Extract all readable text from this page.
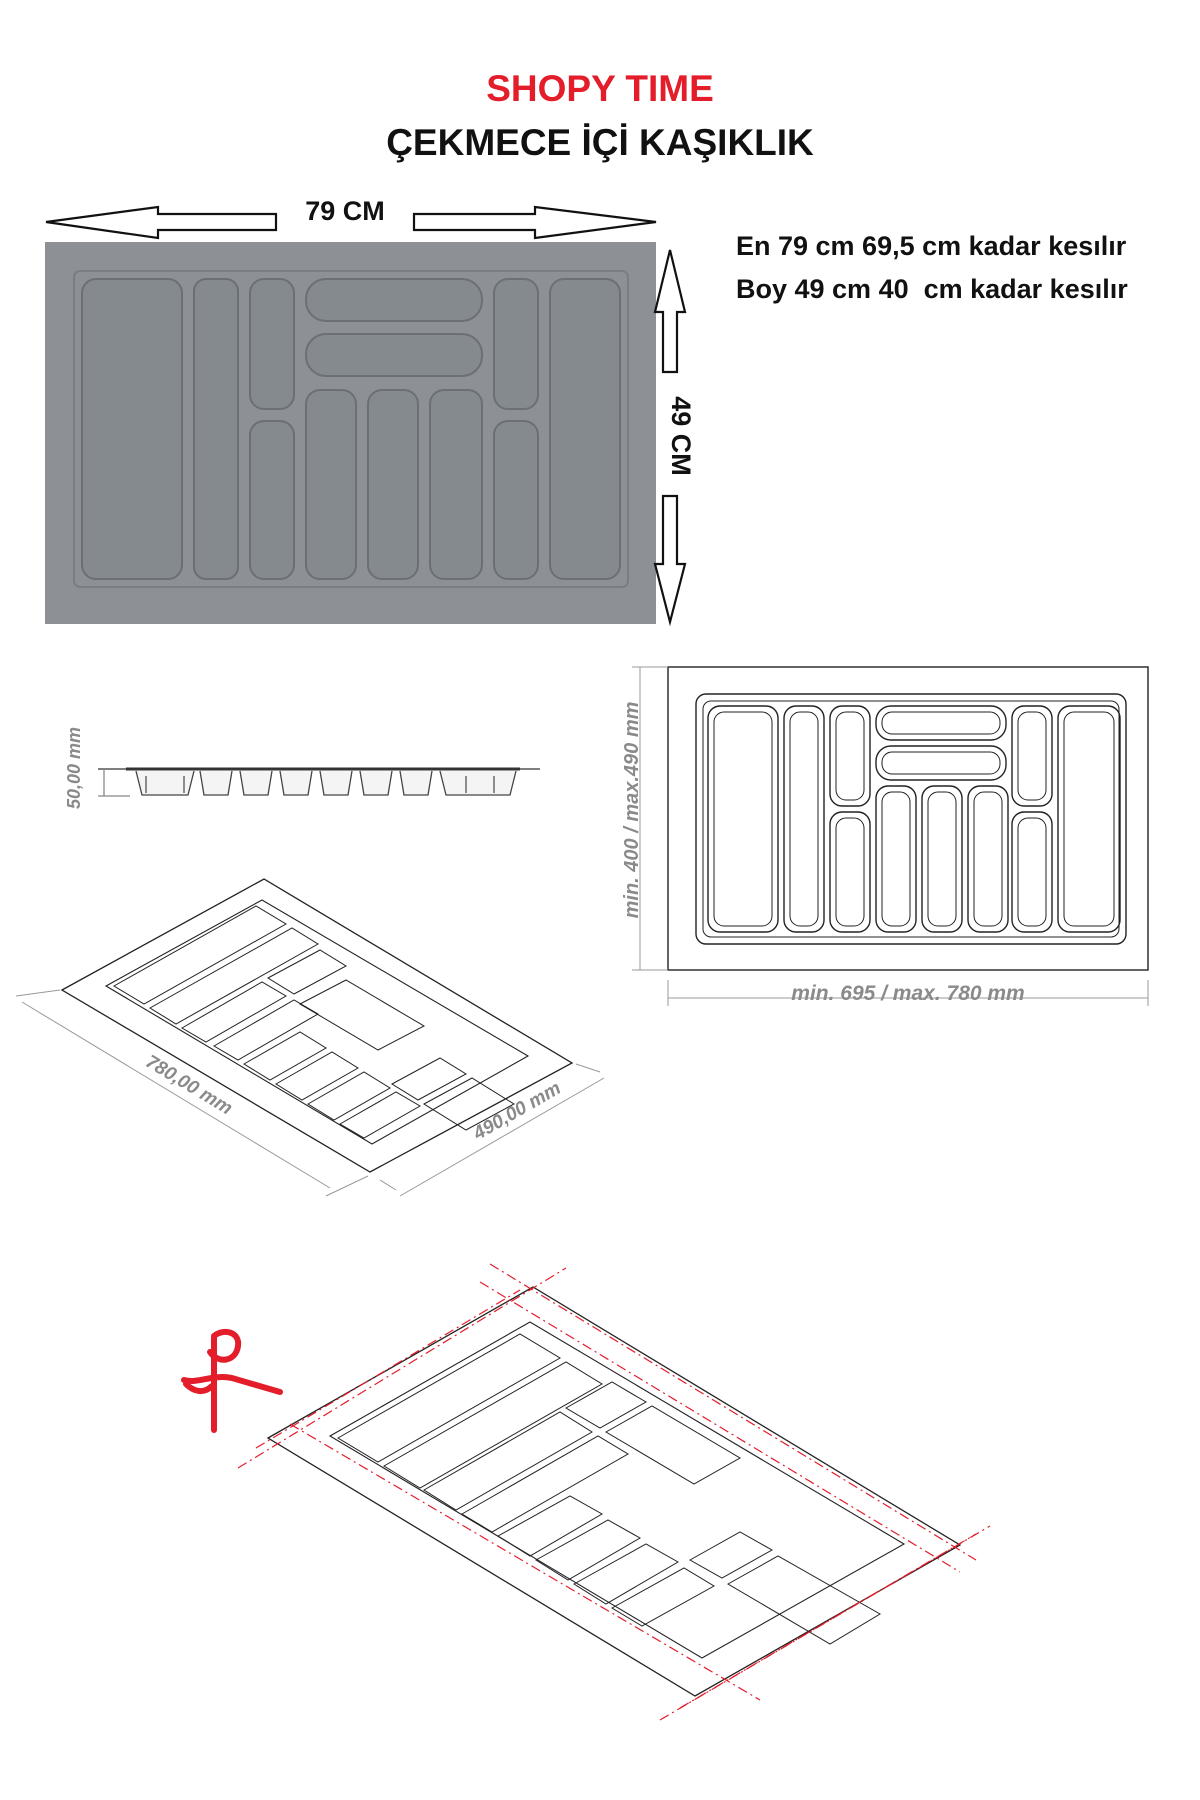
SHOPY TIME
ÇEKMECE İÇİ KAŞIKLIK
En 79 cm 69,5 cm kadar kesılır
Boy 49 cm 40  cm kadar kesılır
79 CM
49 CM
50,00 mm	min. 400 / max.490 mm
min. 695 / max. 780 mm
780,00 mm	490,00 mm
